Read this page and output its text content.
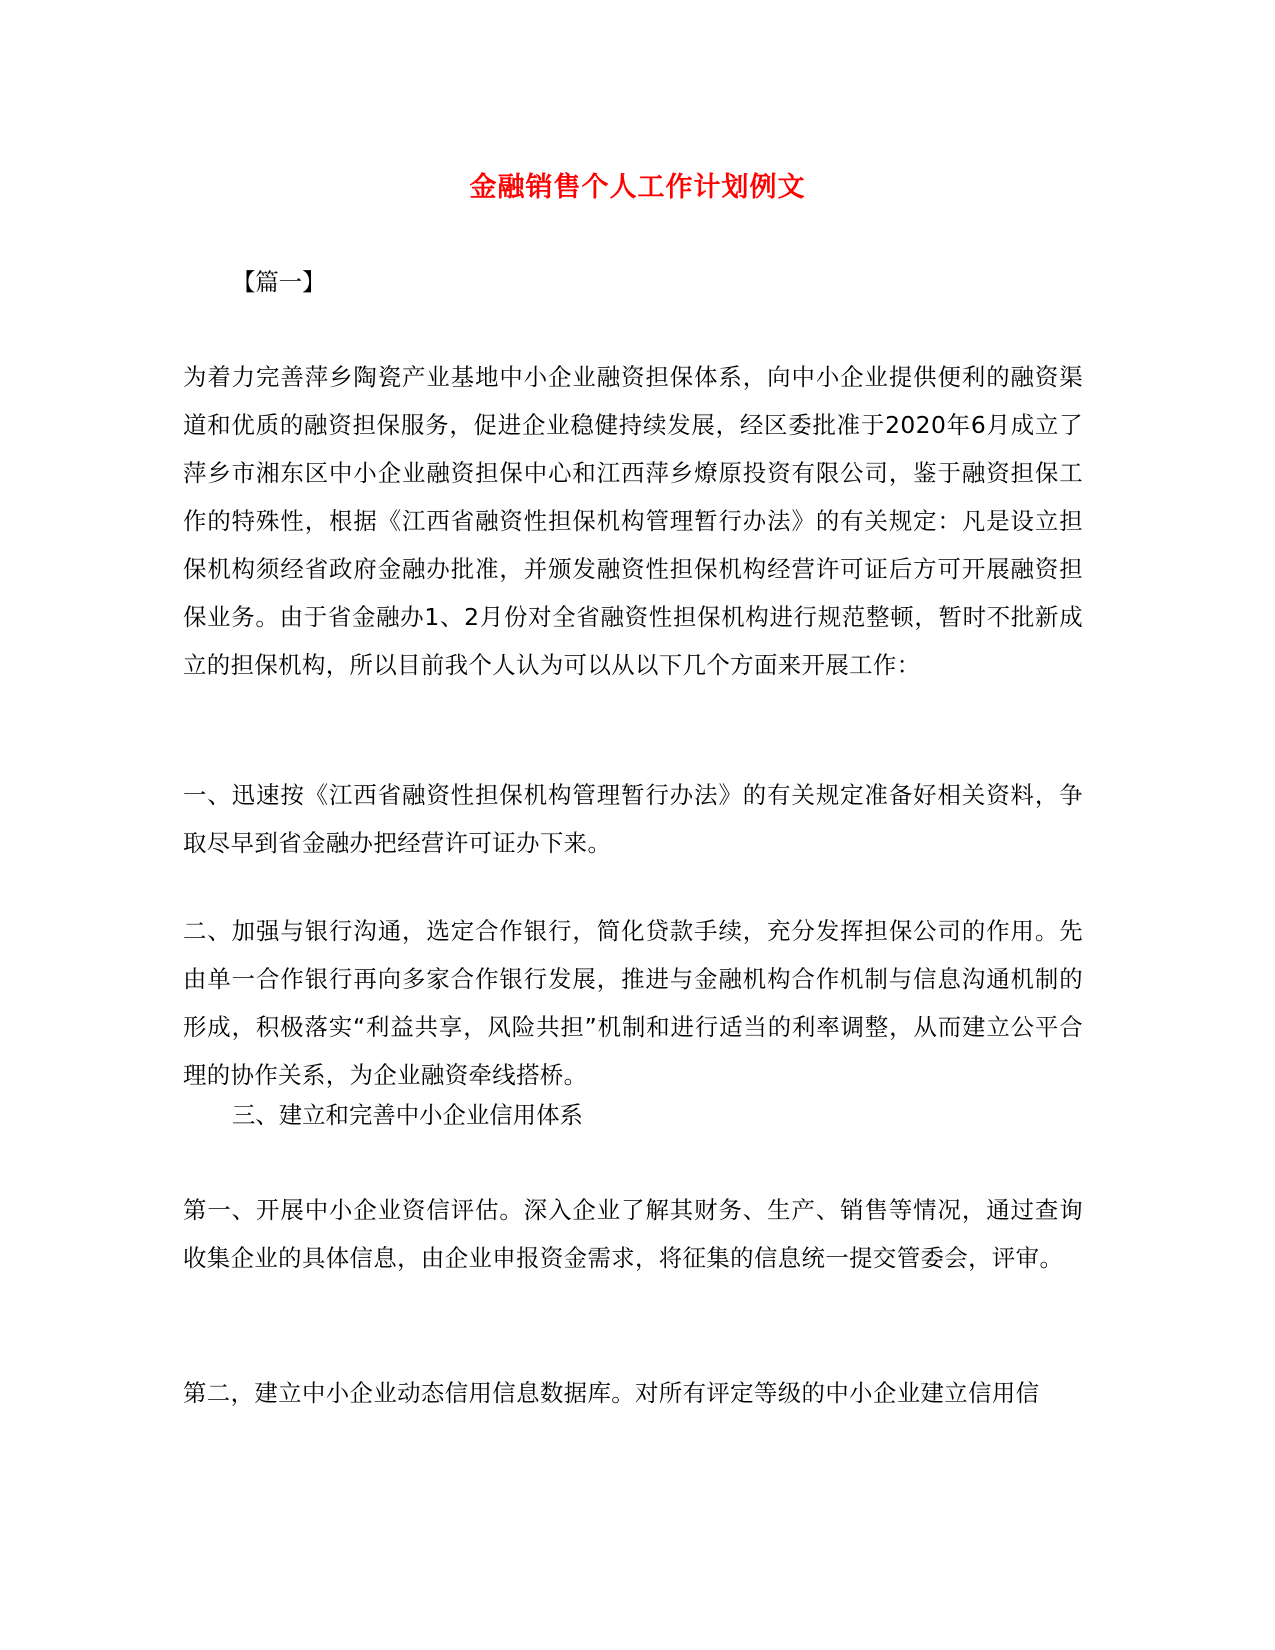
金融销售个人工作计划例文
【篇一】
为着力完善萍乡陶瓷产业基地中小企业融资担保体系，向中小企业提供便利的融资渠道和优质的融资担保服务，促进企业稳健持续发展，经区委批准于2020年6月成立了萍乡市湘东区中小企业融资担保中心和江西萍乡燎原投资有限公司，鉴于融资担保工作的特殊性，根据《江西省融资性担保机构管理暂行办法》的有关规定：凡是设立担保机构须经省政府金融办批准，并颁发融资性担保机构经营许可证后方可开展融资担保业务。由于省金融办1、2月份对全省融资性担保机构进行规范整顿，暂时不批新成立的担保机构，所以目前我个人认为可以从以下几个方面来开展工作：
一、迅速按《江西省融资性担保机构管理暂行办法》的有关规定准备好相关资料，争取尽早到省金融办把经营许可证办下来。
二、加强与银行沟通，选定合作银行，简化贷款手续，充分发挥担保公司的作用。先由单一合作银行再向多家合作银行发展，推进与金融机构合作机制与信息沟通机制的形成，积极落实“利益共享，风险共担”机制和进行适当的利率调整，从而建立公平合理的协作关系，为企业融资牵线搭桥。
三、建立和完善中小企业信用体系
第一、开展中小企业资信评估。深入企业了解其财务、生产、销售等情况，通过查询收集企业的具体信息，由企业申报资金需求，将征集的信息统一提交管委会，评审。
第二，建立中小企业动态信用信息数据库。对所有评定等级的中小企业建立信用信
